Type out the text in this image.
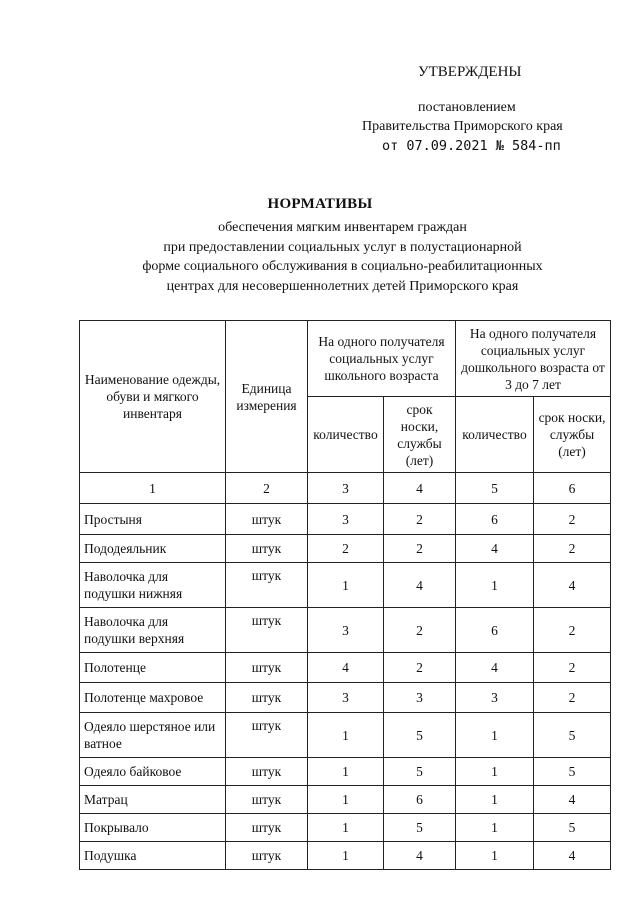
УТВЕРЖДЕНЫ
постановлением
Правительства Приморского края
от 07.09.2021 № 584-пп
НОРМАТИВЫ
обеспечения мягким инвентарем граждан
при предоставлении социальных услуг в полустационарной
форме социального обслуживания в социально-реабилитационных
центрах для несовершеннолетних детей Приморского края
Наименование одежды, обуви и мягкого инвентаря	Единица измерения	На одного получателя социальных услуг школьного возраста		На одного получателя социальных услуг дошкольного возраста от 3 до 7 лет	
		количество	срок носки, службы (лет)	количество	срок носки, службы (лет)
1	2	3	4	5	6
Простыня	штук	3	2	6	2
Пододеяльник	штук	2	2	4	2
Наволочка для подушки нижняя	штук	1	4	1	4
Наволочка для подушки верхняя	штук	3	2	6	2
Полотенце	штук	4	2	4	2
Полотенце махровое	штук	3	3	3	2
Одеяло шерстяное или ватное	штук	1	5	1	5
Одеяло байковое	штук	1	5	1	5
Матрац	штук	1	6	1	4
Покрывало	штук	1	5	1	5
Подушка	штук	1	4	1	4
